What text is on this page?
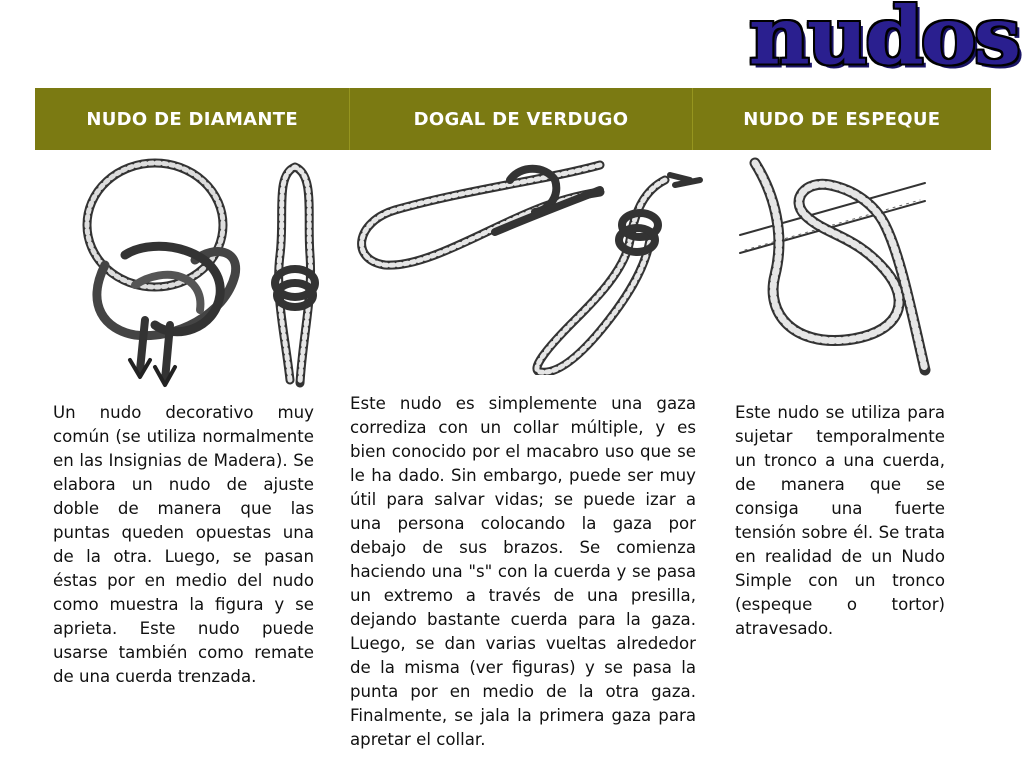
nudos
NUDO DE DIAMANTE	DOGAL DE VERDUGO	NUDO DE ESPEQUE

Un nudo decorativo muy común (se utiliza normalmente en las Insignias de Madera). Se elabora un nudo de ajuste doble de manera que las puntas queden opuestas una de la otra. Luego, se pasan éstas por en medio del nudo como muestra la figura y se aprieta. Este nudo puede usarse también como remate de una cuerda trenzada.

Este nudo es simplemente una gaza corrediza con un collar múltiple, y es bien conocido por el macabro uso que se le ha dado. Sin embargo, puede ser muy útil para salvar vidas; se puede izar a una persona colocando la gaza por debajo de sus brazos. Se comienza haciendo una "s" con la cuerda y se pasa un extremo a través de una presilla, dejando bastante cuerda para la gaza. Luego, se dan varias vueltas alrededor de la misma (ver figuras) y se pasa la punta por en medio de la otra gaza. Finalmente, se jala la primera gaza para apretar el collar.

Este nudo se utiliza para sujetar temporalmente un tronco a una cuerda, de manera que se consiga una fuerte tensión sobre él. Se trata en realidad de un Nudo Simple con un tronco (espeque o tortor) atravesado.
